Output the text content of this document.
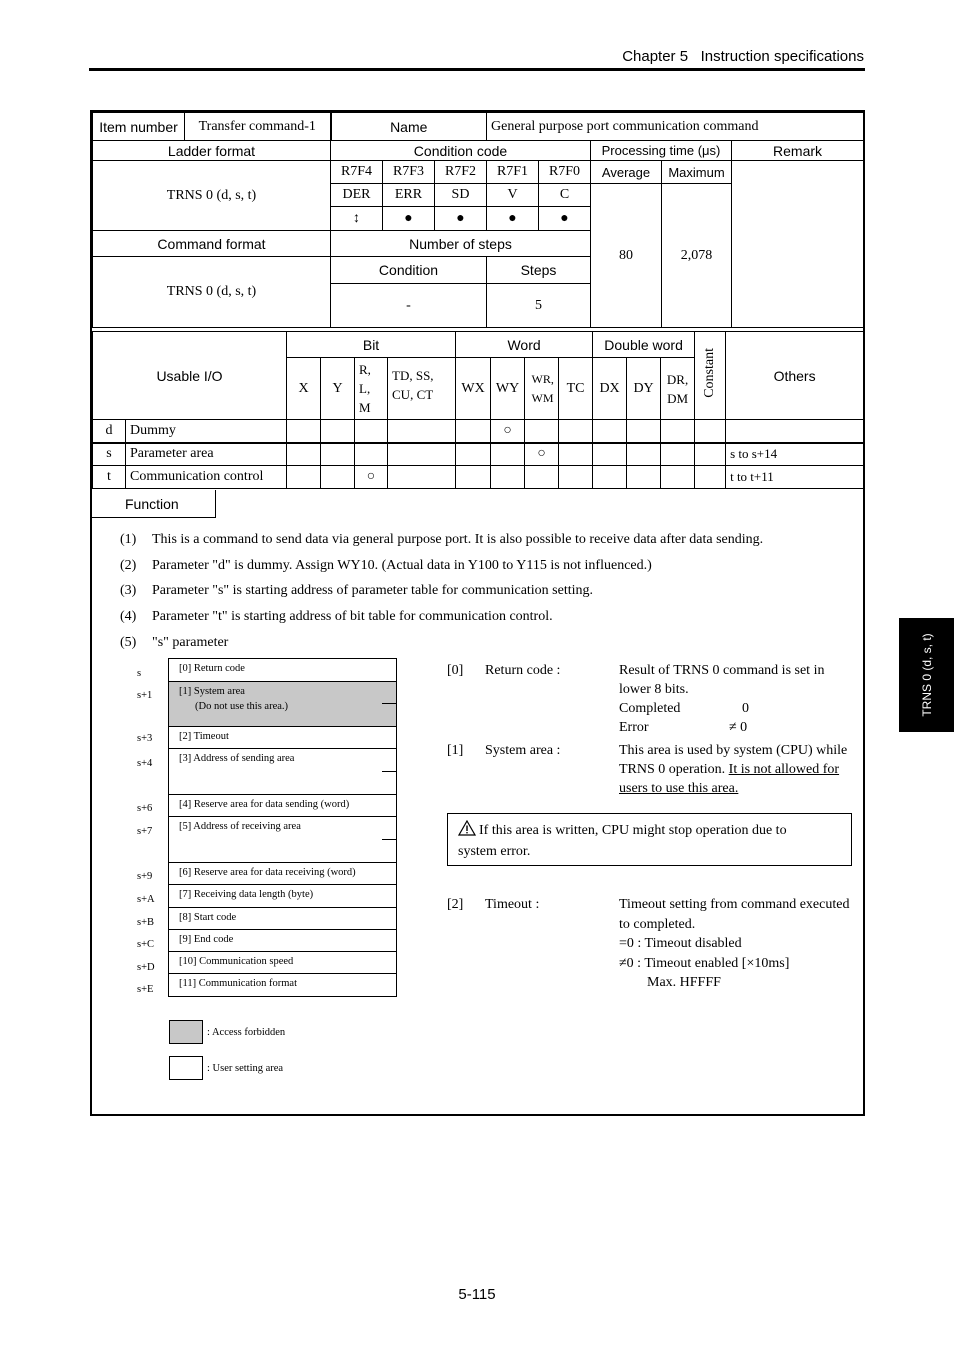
Chapter 5 Instruction specifications
Item number	Transfer command-1	Name			General purpose port communication command				
Ladder format		Condition code					Processing time (μs)		Remark
TRNS 0 (d, s, t)		R7F4	R7F3	R7F2	R7F1	R7F0	Average	Maximum	
		DER	ERR	SD	V	C	80	2,078	
		↕	●	●	●	●			
Command format		Number of steps							
TRNS 0 (d, s, t)		Condition			Steps				
		-			5				
Usable I/O		Bit				Word				Double word			Constant	Others
		X	Y	R, L, M	TD, SS, CU, CT	WX	WY	WR, WM	TC	DX	DY	DR, DM		

d	Dummy						○							
s	Parameter area							○						s to s+14
t	Communication control			○										t to t+11
Function
(1) This is a command to send data via general purpose port. It is also possible to receive data after data sending.
(2) Parameter "d" is dummy. Assign WY10. (Actual data in Y100 to Y115 is not influenced.)
(3) Parameter "s" is starting address of parameter table for communication setting.
(4) Parameter "t" is starting address of bit table for communication control.
(5) "s" parameter
s
s+1
s+3
s+4
s+6
s+7
s+9
s+A
s+B
s+C
s+D
s+E
[0] Return code
[1] System area
(Do not use this area.)
[2] Timeout
[3] Address of sending area
[4] Reserve area for data sending (word)
[5] Address of receiving area
[6] Reserve area for data receiving (word)
[7] Receiving data length (byte)
[8] Start code
[9] End code
[10] Communication speed
[11] Communication format
: Access forbidden
: User setting area
[0] Return code :	Result of TRNS 0 command is set in
lower 8 bits.
Completed	0
Error	≠ 0
[1] System area :	This area is used by system (CPU) while
TRNS 0 operation. It is not allowed for
users to use this area.
If this area is written, CPU might stop operation due to
system error.
[2] Timeout :	Timeout setting from command executed
to completed.
=0 : Timeout disabled
≠0 : Timeout enabled [×10ms]
Max. HFFFF
TRNS 0 (d, s, t)
5-115
